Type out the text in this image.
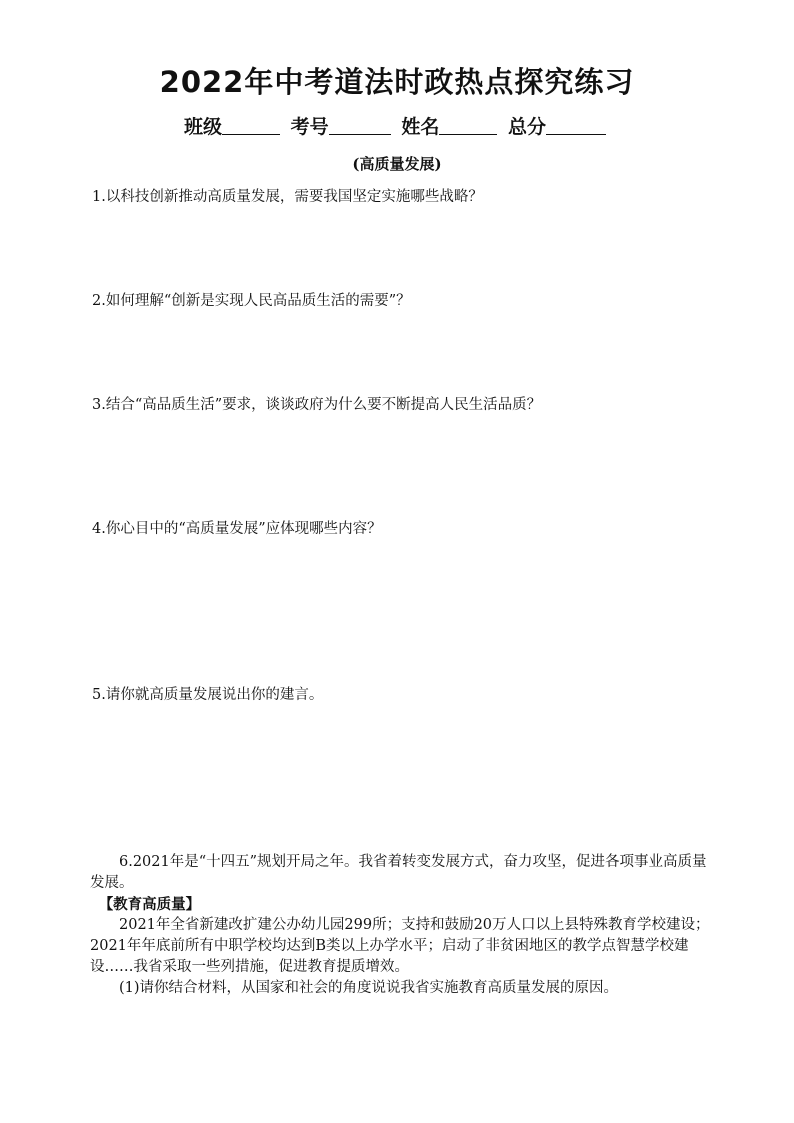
2022年中考道法时政热点探究练习
班级	考号	姓名	总分
(高质量发展)
1.以科技创新推动高质量发展，需要我国坚定实施哪些战略？
2.如何理解“创新是实现人民高品质生活的需要”？
3.结合“高品质生活”要求，谈谈政府为什么要不断提高人民生活品质？
4.你心目中的“高质量发展”应体现哪些内容？
5.请你就高质量发展说出你的建言。

6.2021年是“十四五”规划开局之年。我省着转变发展方式，奋力攻坚，促进各项事业高质量发展。

【教育高质量】

2021年全省新建改扩建公办幼儿园299所；支持和鼓励20万人口以上县特殊教育学校建设；2021年年底前所有中职学校均达到B类以上办学水平；启动了非贫困地区的教学点智慧学校建设……我省采取一些列措施，促进教育提质增效。

(1)请你结合材料，从国家和社会的角度说说我省实施教育高质量发展的原因。
